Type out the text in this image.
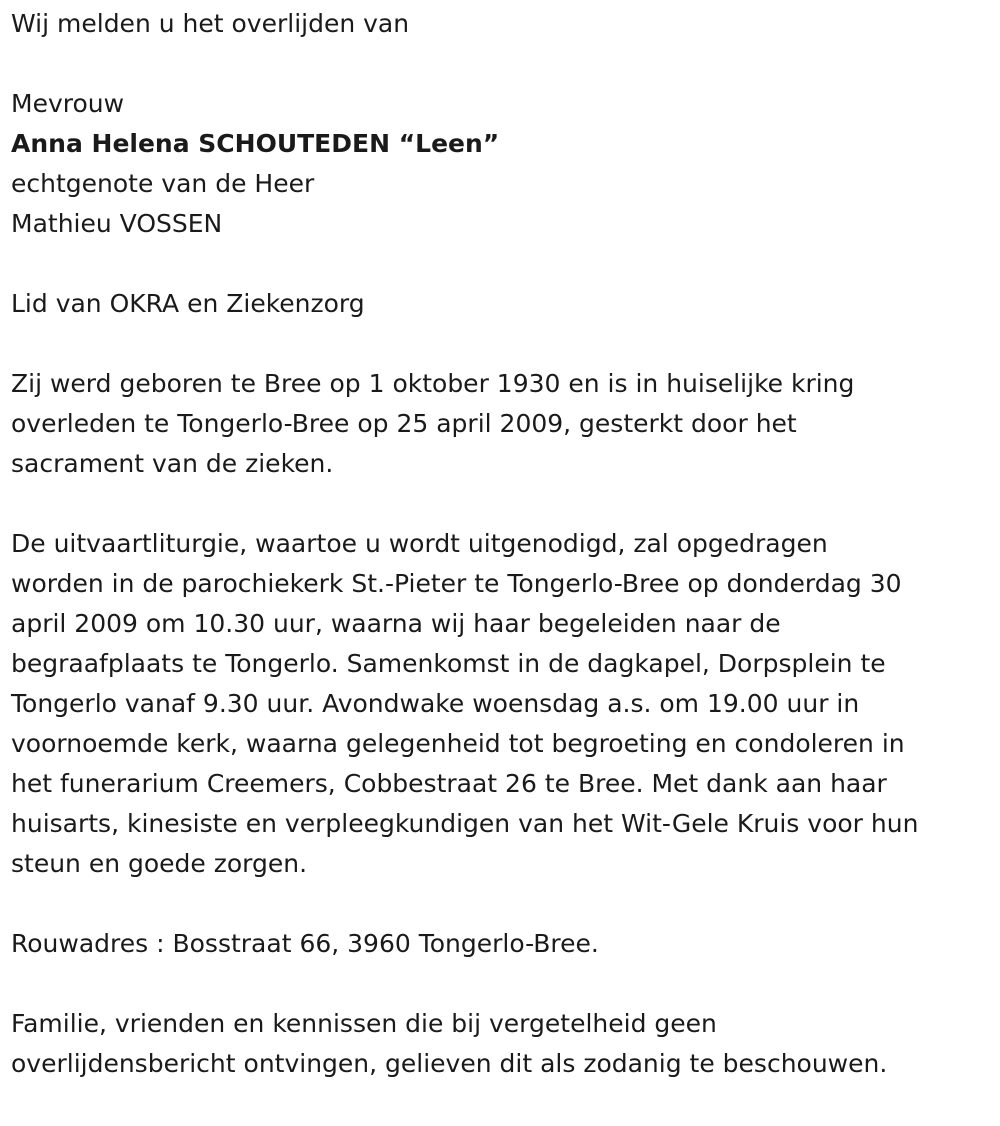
Wij melden u het overlijden van
Mevrouw
Anna Helena SCHOUTEDEN “Leen”
echtgenote van de Heer
Mathieu VOSSEN
Lid van OKRA en Ziekenzorg
Zij werd geboren te Bree op 1 oktober 1930 en is in huiselijke kring
overleden te Tongerlo-Bree op 25 april 2009, gesterkt door het
sacrament van de zieken.
De uitvaartliturgie, waartoe u wordt uitgenodigd, zal opgedragen
worden in de parochiekerk St.-Pieter te Tongerlo-Bree op donderdag 30
april 2009 om 10.30 uur, waarna wij haar begeleiden naar de
begraafplaats te Tongerlo. Samenkomst in de dagkapel, Dorpsplein te
Tongerlo vanaf 9.30 uur. Avondwake woensdag a.s. om 19.00 uur in
voornoemde kerk, waarna gelegenheid tot begroeting en condoleren in
het funerarium Creemers, Cobbestraat 26 te Bree. Met dank aan haar
huisarts, kinesiste en verpleegkundigen van het Wit-Gele Kruis voor hun
steun en goede zorgen.
Rouwadres : Bosstraat 66, 3960 Tongerlo-Bree.
Familie, vrienden en kennissen die bij vergetelheid geen
overlijdensbericht ontvingen, gelieven dit als zodanig te beschouwen.
